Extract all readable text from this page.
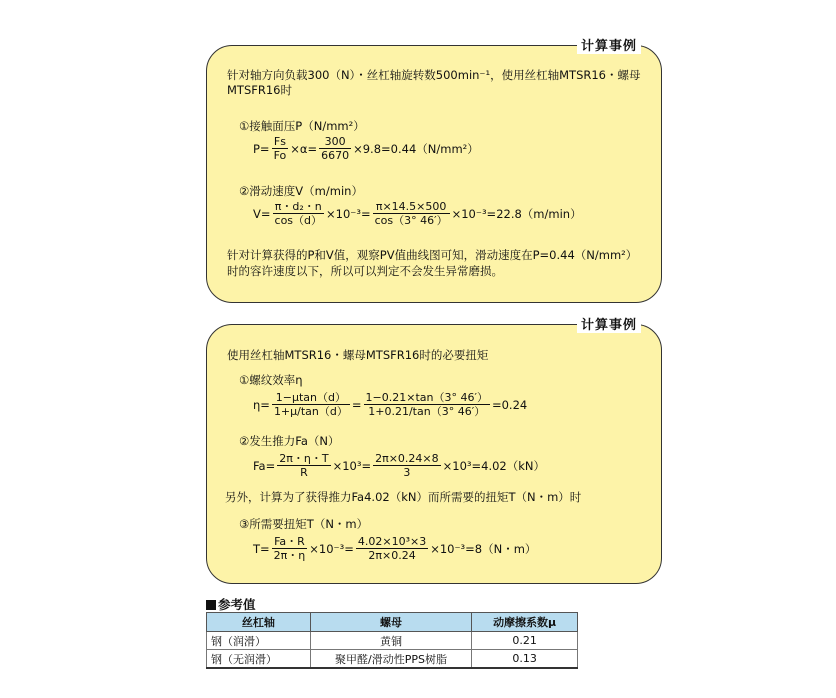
计算事例
针对轴方向负载300（N）・丝杠轴旋转数500min⁻¹，使用丝杠轴MTSR16・螺母
MTSFR16时
①接触面压P（N/mm²）
$P= \frac{Fs}{Fo} \times\alpha= \frac{300}{6670} \times 9.8=0.44(N/mm^2)$
②滑动速度V（m/min）
$V= \frac{\text{π・d₂・n}}{\cos(d)} \times 10^{-3}= \frac{\pi\times 14.5\times 500}{\cos(3^\circ 46')} \times 10^{-3}=22.8(m/\min)$
针对计算获得的P和V值，观察PV值曲线图可知，滑动速度在P=0.44（N/mm²）
时的容许速度以下，所以可以判定不会发生异常磨损。
计算事例
使用丝杠轴MTSR16・螺母MTSFR16时的必要扭矩
①螺纹效率η
$\eta= \frac{1-\mu\tan(d)}{1+\mu/\tan(d)} = \frac{1-0.21\times\tan(3^\circ 46')}{1+0.21/\tan(3^\circ 46')} =0.24$
②发生推力Fa（N）
$Fa= \frac{2\pi・\eta・T}{R} \times 10^3= \frac{2\pi\times 0.24\times 8}{3} \times 10^3=4.02(kN)$
另外，计算为了获得推力Fa4.02（kN）而所需要的扭矩T（N・m）时
③所需要扭矩T（N・m）
$T= \frac{Fa・R}{2\pi・\eta} \times 10^{-3}= \frac{\text{4.02×10³×3}}{2\pi\times 0.24} \times 10^{-3}=8(N$・m）
参考值
丝杠轴	螺母	动摩擦系数μ
钢（润滑）	黄铜	0.21
钢（无润滑）	聚甲醛/滑动性PPS树脂	0.13
